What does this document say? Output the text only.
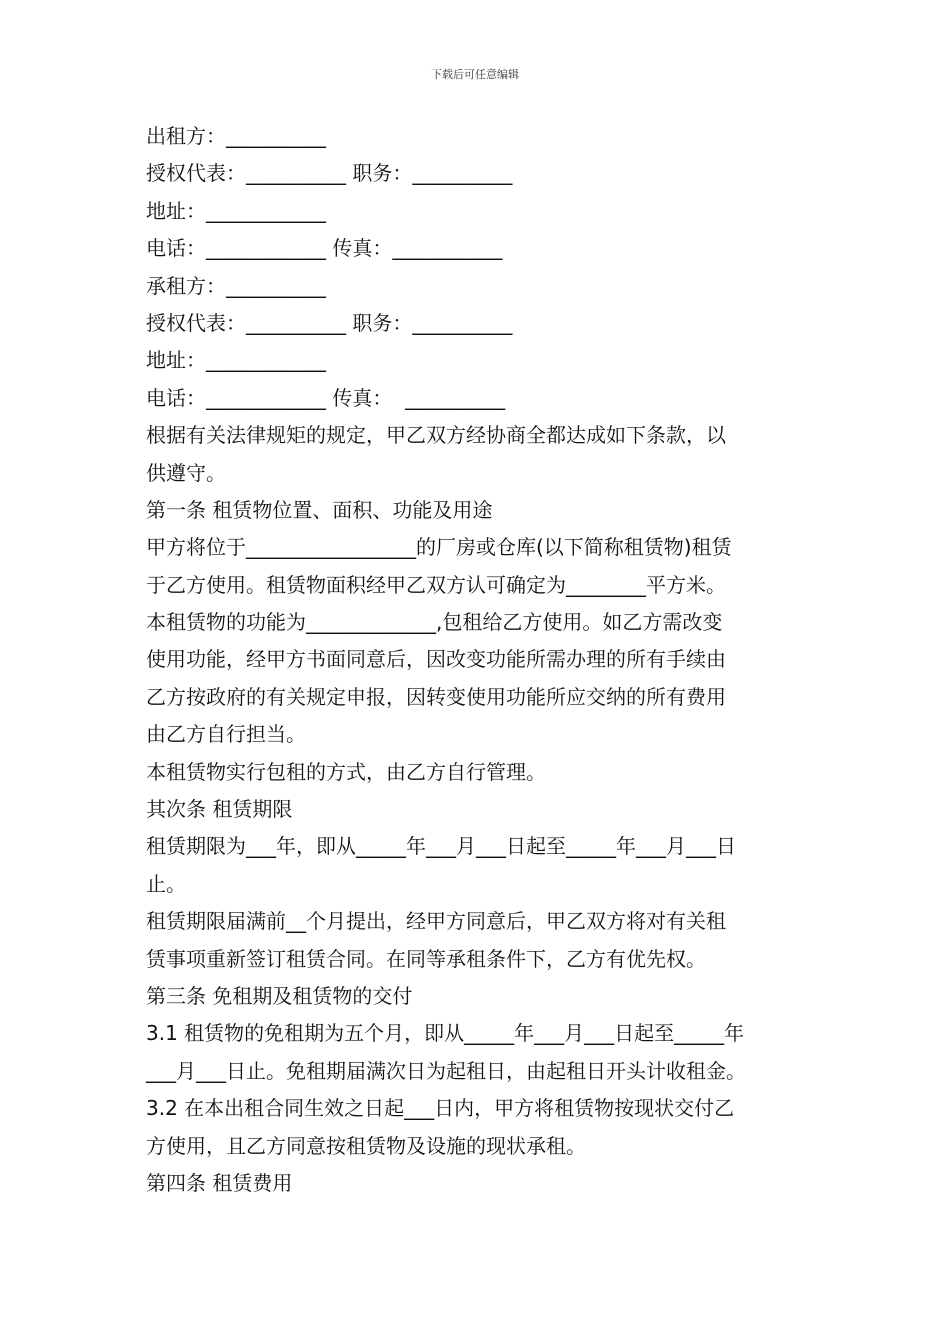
下载后可任意编辑
出租方：__________
授权代表：__________ 职务：__________
地址：____________
电话：____________ 传真：___________
承租方：__________
授权代表：__________ 职务：__________
地址：____________
电话：____________ 传真：  __________
根据有关法律规矩的规定，甲乙双方经协商全都达成如下条款，以
供遵守。
第一条 租赁物位置、面积、功能及用途
甲方将位于_________________的厂房或仓库(以下简称租赁物)租赁
于乙方使用。租赁物面积经甲乙双方认可确定为________平方米。
本租赁物的功能为_____________,包租给乙方使用。如乙方需改变
使用功能，经甲方书面同意后，因改变功能所需办理的所有手续由
乙方按政府的有关规定申报，因转变使用功能所应交纳的所有费用
由乙方自行担当。
本租赁物实行包租的方式，由乙方自行管理。
其次条 租赁期限
租赁期限为___年，即从_____年___月___日起至_____年___月___日
止。
租赁期限届满前__个月提出，经甲方同意后，甲乙双方将对有关租
赁事项重新签订租赁合同。在同等承租条件下，乙方有优先权。
第三条 免租期及租赁物的交付
3.1 租赁物的免租期为五个月，即从_____年___月___日起至_____年
___月___日止。免租期届满次日为起租日，由起租日开头计收租金。
3.2 在本出租合同生效之日起___日内，甲方将租赁物按现状交付乙
方使用，且乙方同意按租赁物及设施的现状承租。
第四条 租赁费用
